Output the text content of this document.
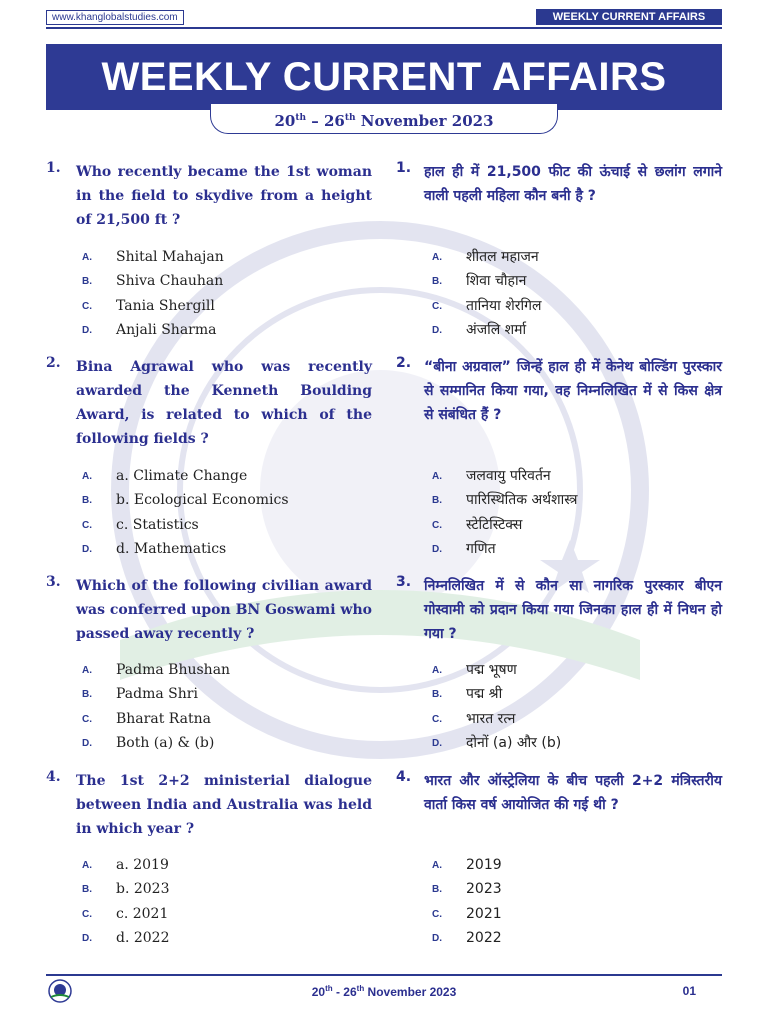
www.khanglobalstudies.com	WEEKLY CURRENT AFFAIRS
WEEKLY CURRENT AFFAIRS
20th – 26th November 2023
1. Who recently became the 1st woman in the field to skydive from a height of 21,500 ft ?

A. Shital Mahajan
B. Shiva Chauhan
C. Tania Shergill
D. Anjali Sharma
1. हाल ही में 21,500 फीट की ऊंचाई से छलांग लगाने वाली पहली महिला कौन बनी है ?

A. शीतल महाजन
B. शिवा चौहान
C. तानिया शेरगिल
D. अंजलि शर्मा
2. Bina Agrawal who was recently awarded the Kenneth Boulding Award, is related to which of the following fields ?

A. a. Climate Change
B. b. Ecological Economics
C. c. Statistics
D. d. Mathematics
2. “बीना अग्रवाल” जिन्हें हाल ही में केनेथ बोल्डिंग पुरस्कार से सम्मानित किया गया, वह निम्नलिखित में से किस क्षेत्र से संबंधित हैं ?

A. जलवायु परिवर्तन
B. पारिस्थितिक अर्थशास्त्र
C. स्टेटिस्टिक्स
D. गणित
3. Which of the following civilian award was conferred upon BN Goswami who passed away recently ?

A. Padma Bhushan
B. Padma Shri
C. Bharat Ratna
D. Both (a) & (b)
3. निम्नलिखित में से कौन सा नागरिक पुरस्कार बीएन गोस्वामी को प्रदान किया गया जिनका हाल ही में निधन हो गया ?

A. पद्म भूषण
B. पद्म श्री
C. भारत रत्न
D. दोनों (a) और (b)
4. The 1st 2+2 ministerial dialogue between India and Australia was held in which year ?

A. a. 2019
B. b. 2023
C. c. 2021
D. d. 2022
4. भारत और ऑस्ट्रेलिया के बीच पहली 2+2 मंत्रिस्तरीय वार्ता किस वर्ष आयोजित की गई थी ?

A. 2019
B. 2023
C. 2021
D. 2022
20th - 26th November 2023	01
